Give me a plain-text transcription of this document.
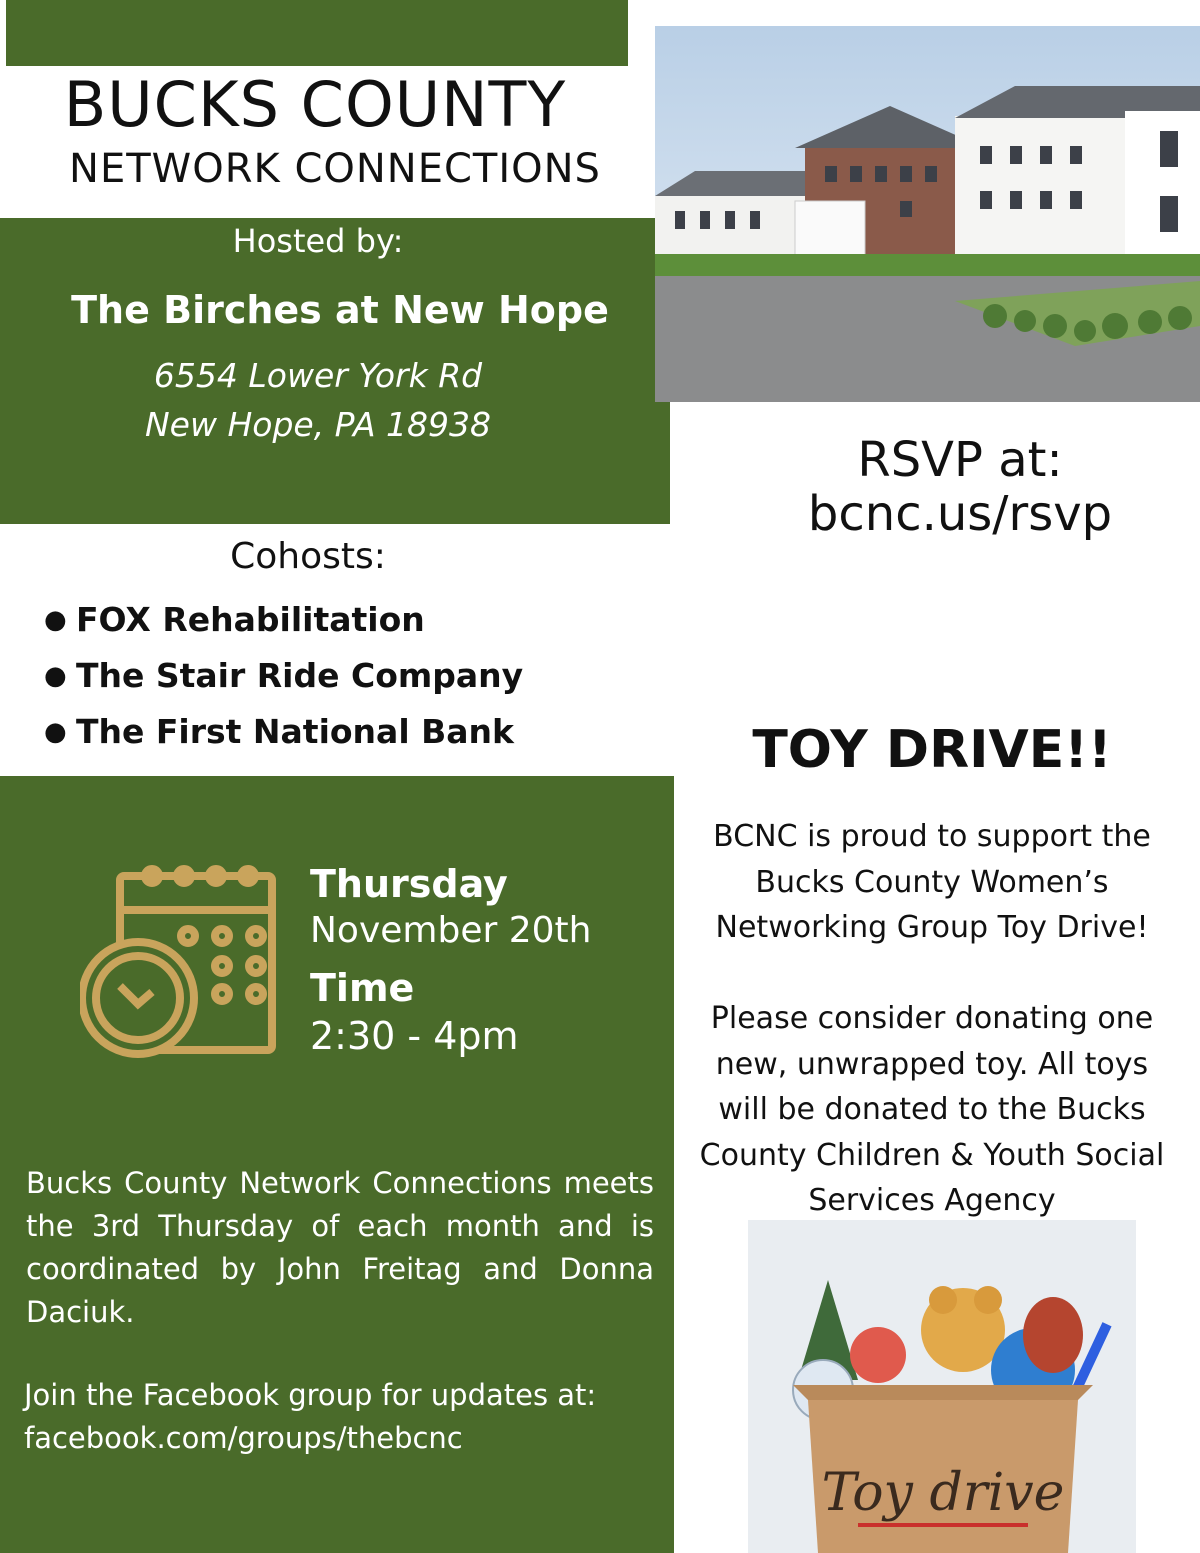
BUCKS COUNTY
NETWORK CONNECTIONS
Hosted by:
The Birches at New Hope
6554 Lower York Rd
New Hope, PA 18938
RSVP at:
bcnc.us/rsvp
Cohosts:
● FOX Rehabilitation
● The Stair Ride Company
● The First National Bank
Thursday
November 20th
Time
2:30 - 4pm
Bucks County Network Connections meets the 3rd Thursday of each month and is coordinated by John Freitag and Donna Daciuk.
Join the Facebook group for updates at:
facebook.com/groups/thebcnc
TOY DRIVE!!
BCNC is proud to support the Bucks County Women’s Networking Group Toy Drive!
Please consider donating one new, unwrapped toy. All toys will be donated to the Bucks County Children & Youth Social Services Agency
Toy drive
